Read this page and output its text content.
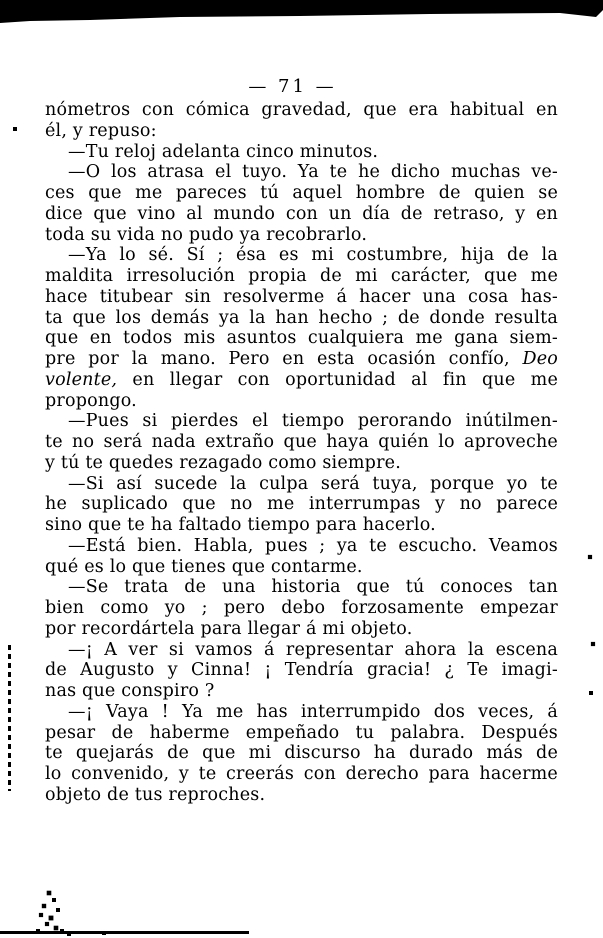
— 71 —
nómetros con cómica gravedad, que era habitual en
él, y repuso:
—Tu reloj adelanta cinco minutos.
—O los atrasa el tuyo. Ya te he dicho muchas ve-
ces que me pareces tú aquel hombre de quien se
dice que vino al mundo con un día de retraso, y en
toda su vida no pudo ya recobrarlo.
—Ya lo sé. Sí ; ésa es mi costumbre, hija de la
maldita irresolución propia de mi carácter, que me
hace titubear sin resolverme á hacer una cosa has-
ta que los demás ya la han hecho ; de donde resulta
que en todos mis asuntos cualquiera me gana siem-
pre por la mano. Pero en esta ocasión confío, Deo
volente, en llegar con oportunidad al fin que me
propongo.
—Pues si pierdes el tiempo perorando inútilmen-
te no será nada extraño que haya quién lo aproveche
y tú te quedes rezagado como siempre.
—Si así sucede la culpa será tuya, porque yo te
he suplicado que no me interrumpas y no parece
sino que te ha faltado tiempo para hacerlo.
—Está bien. Habla, pues ; ya te escucho. Veamos
qué es lo que tienes que contarme.
—Se trata de una historia que tú conoces tan
bien como yo ; pero debo forzosamente empezar
por recordártela para llegar á mi objeto.
—¡ A ver si vamos á representar ahora la escena
de Augusto y Cinna! ¡ Tendría gracia! ¿ Te imagi-
nas que conspiro ?
—¡ Vaya ! Ya me has interrumpido dos veces, á
pesar de haberme empeñado tu palabra. Después
te quejarás de que mi discurso ha durado más de
lo convenido, y te creerás con derecho para hacerme
objeto de tus reproches.
